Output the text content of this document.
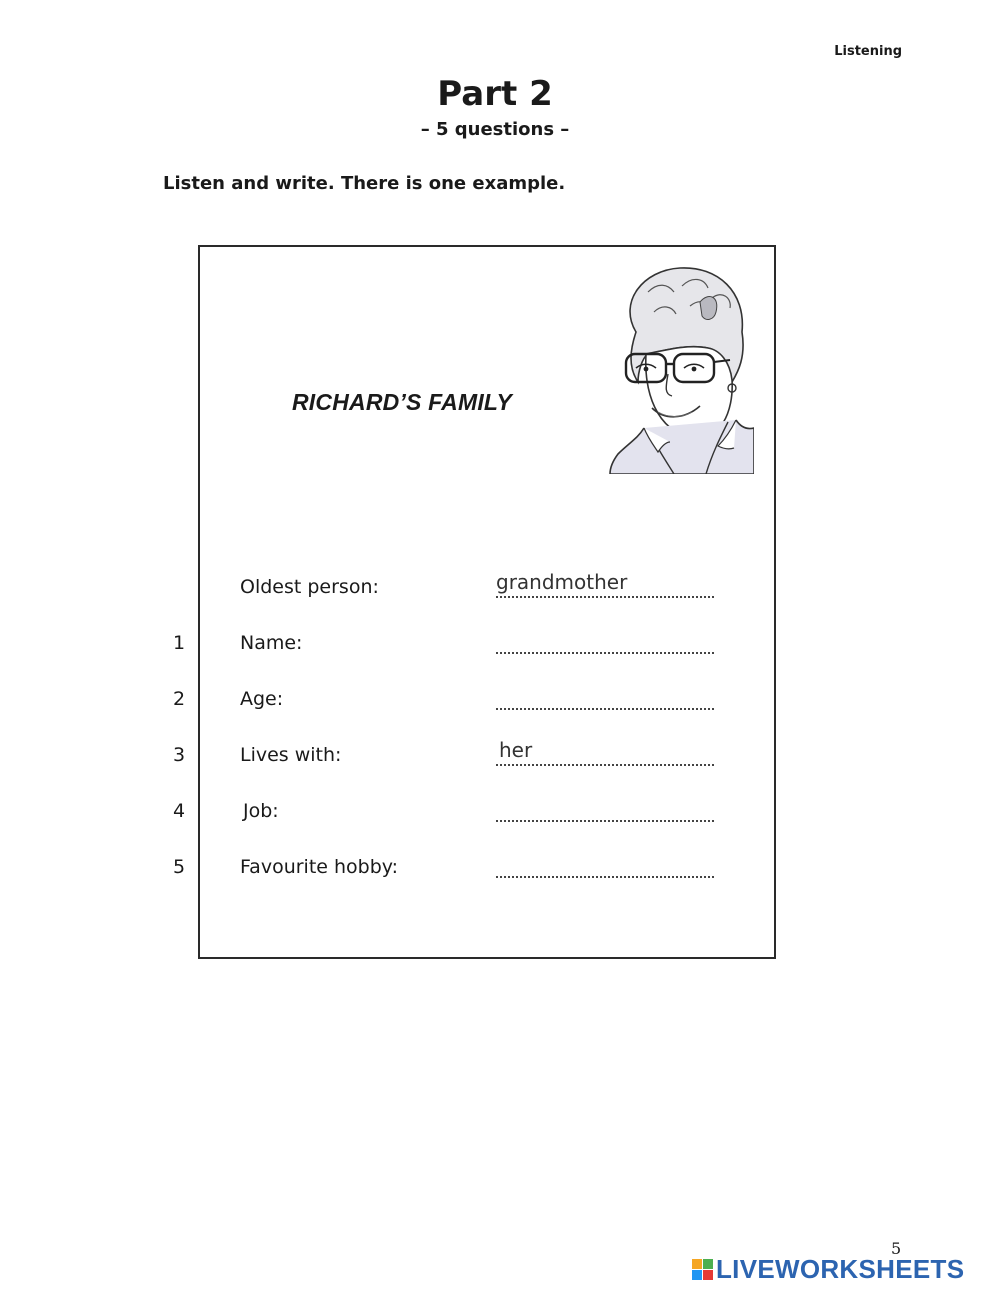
Listening
Part 2
– 5 questions –
Listen and write. There is one example.
RICHARD’S FAMILY
Oldest person:	grandmother
1	Name:
2	Age:
3	Lives with:	her
4	Job:
5	Favourite hobby:
5
LIVEWORKSHEETS
